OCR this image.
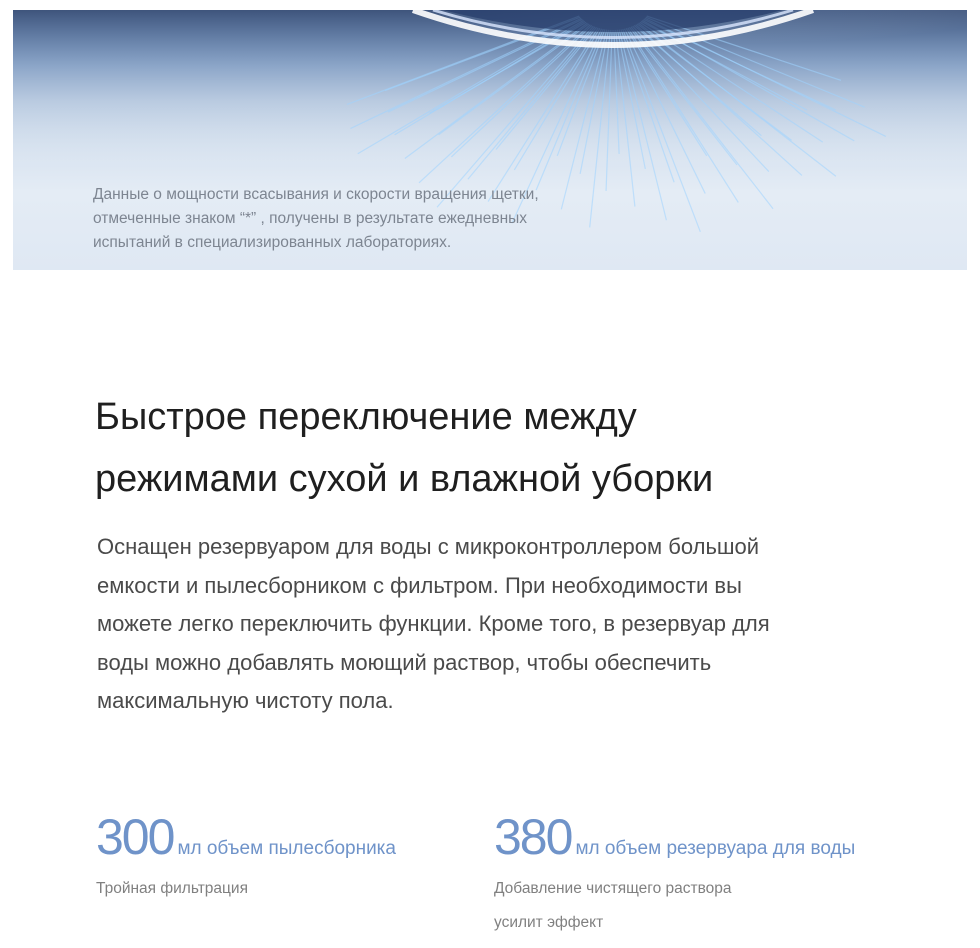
Данные о мощности всасывания и скорости вращения щетки,
отмеченные знаком “*” , получены в результате ежедневных
испытаний в специализированных лабораториях.
Быстрое переключение между
режимами сухой и влажной уборки
Оснащен резервуаром для воды с микроконтроллером большой
емкости и пылесборником с фильтром. При необходимости вы
можете легко переключить функции. Кроме того, в резервуар для
воды можно добавлять моющий раствор, чтобы обеспечить
максимальную чистоту пола.
300 мл объем пылесборника
Тройная фильтрация
380 мл объем резервуара для воды
Добавление чистящего раствора
усилит эффект
